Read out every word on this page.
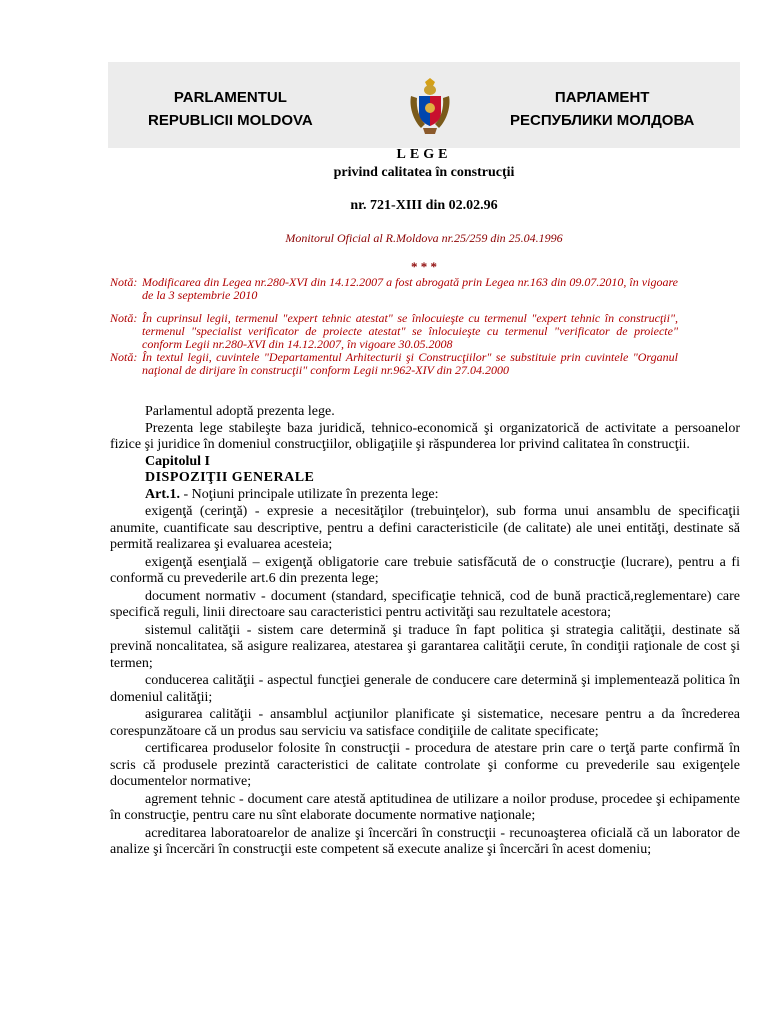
PARLAMENTUL
REPUBLICII MOLDOVA
ПАРЛАМЕНТ
РЕСПУБЛИКИ МОЛДОВА
LEGE
privind calitatea în construcţii
nr. 721-XIII din 02.02.96
Monitorul Oficial al R.Moldova nr.25/259 din 25.04.1996
* * *
Notă: Modificarea din Legea nr.280-XVI din 14.12.2007 a fost abrogată prin Legea nr.163 din 09.07.2010, în vigoare de la 3 septembrie 2010
Notă: În cuprinsul legii, termenul "expert tehnic atestat" se înlocuieşte cu termenul "expert tehnic în construcţii", termenul "specialist verificator de proiecte atestat" se înlocuieşte cu termenul "verificator de proiecte" conform Legii nr.280-XVI din 14.12.2007, în vigoare 30.05.2008
Notă: În textul legii, cuvintele "Departamentul Arhitecturii şi Construcţiilor" se substituie prin cuvintele "Organul naţional de dirijare în construcţii" conform Legii nr.962-XIV din 27.04.2000

Parlamentul adoptă prezenta lege.

Prezenta lege stabileşte baza juridică, tehnico-economică şi organizatorică de activitate a persoanelor fizice şi juridice în domeniul construcţiilor, obligaţiile şi răspunderea lor privind calitatea în construcţii.

Capitolul I

DISPOZIŢII GENERALE

Art.1. - Noţiuni principale utilizate în prezenta lege:

exigenţă (cerinţă) - expresie a necesităţilor (trebuinţelor), sub forma unui ansamblu de specificaţii anumite, cuantificate sau descriptive, pentru a defini caracteristicile (de calitate) ale unei entităţi, destinate să permită realizarea şi evaluarea acesteia;

exigenţă esenţială – exigenţă obligatorie care trebuie satisfăcută de o construcţie (lucrare), pentru a fi conformă cu prevederile art.6 din prezenta lege;

document normativ - document (standard, specificaţie tehnică, cod de bună practică,reglementare) care specifică reguli, linii directoare sau caracteristici pentru activităţi sau rezultatele acestora;

sistemul calităţii - sistem care determină şi traduce în fapt politica şi strategia calităţii, destinate să prevină noncalitatea, să asigure realizarea, atestarea şi garantarea calităţii cerute, în condiţii raţionale de cost şi termen;

conducerea calităţii - aspectul funcţiei generale de conducere care determină şi implementează politica în domeniul calităţii;

asigurarea calităţii - ansamblul acţiunilor planificate şi sistematice, necesare pentru a da încrederea corespunzătoare că un produs sau serviciu va satisface condiţiile de calitate specificate;

certificarea produselor folosite în construcţii - procedura de atestare prin care o terţă parte confirmă în scris că produsele prezintă caracteristici de calitate controlate şi conforme cu prevederile sau exigenţele documentelor normative;

agrement tehnic - document care atestă aptitudinea de utilizare a noilor produse, procedee şi echipamente în construcţie, pentru care nu sînt elaborate documente normative naţionale;

acreditarea laboratoarelor de analize şi încercări în construcţii - recunoaşterea oficială că un laborator de analize şi încercări în construcţii este competent să execute analize şi încercări în acest domeniu;
